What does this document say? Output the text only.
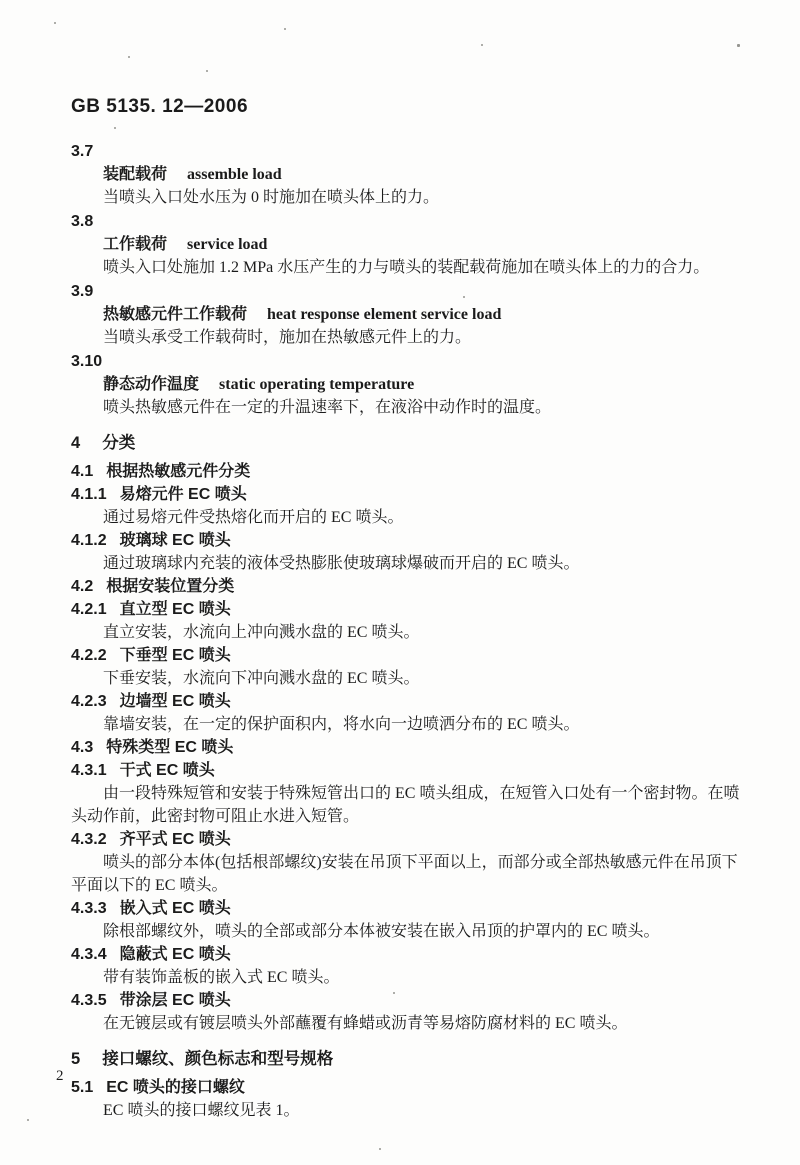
GB 5135. 12—2006

3.7

装配载荷 assemble load

当喷头入口处水压为 0 时施加在喷头体上的力。

3.8

工作载荷 service load

喷头入口处施加 1.2 MPa 水压产生的力与喷头的装配载荷施加在喷头体上的力的合力。

3.9

热敏感元件工作载荷 heat response element service load

当喷头承受工作载荷时，施加在热敏感元件上的力。

3.10

静态动作温度 static operating temperature

喷头热敏感元件在一定的升温速率下，在液浴中动作时的温度。

4 分类

4.1 根据热敏感元件分类

4.1.1 易熔元件 EC 喷头

通过易熔元件受热熔化而开启的 EC 喷头。

4.1.2 玻璃球 EC 喷头

通过玻璃球内充装的液体受热膨胀使玻璃球爆破而开启的 EC 喷头。

4.2 根据安装位置分类

4.2.1 直立型 EC 喷头

直立安装，水流向上冲向溅水盘的 EC 喷头。

4.2.2 下垂型 EC 喷头

下垂安装，水流向下冲向溅水盘的 EC 喷头。

4.2.3 边墙型 EC 喷头

靠墙安装，在一定的保护面积内，将水向一边喷洒分布的 EC 喷头。

4.3 特殊类型 EC 喷头

4.3.1 干式 EC 喷头

由一段特殊短管和安装于特殊短管出口的 EC 喷头组成，在短管入口处有一个密封物。在喷头动作前，此密封物可阻止水进入短管。

4.3.2 齐平式 EC 喷头

喷头的部分本体(包括根部螺纹)安装在吊顶下平面以上，而部分或全部热敏感元件在吊顶下平面以下的 EC 喷头。

4.3.3 嵌入式 EC 喷头

除根部螺纹外，喷头的全部或部分本体被安装在嵌入吊顶的护罩内的 EC 喷头。

4.3.4 隐蔽式 EC 喷头

带有装饰盖板的嵌入式 EC 喷头。

4.3.5 带涂层 EC 喷头

在无镀层或有镀层喷头外部蘸覆有蜂蜡或沥青等易熔防腐材料的 EC 喷头。

5 接口螺纹、颜色标志和型号规格

5.1 EC 喷头的接口螺纹

EC 喷头的接口螺纹见表 1。

2
